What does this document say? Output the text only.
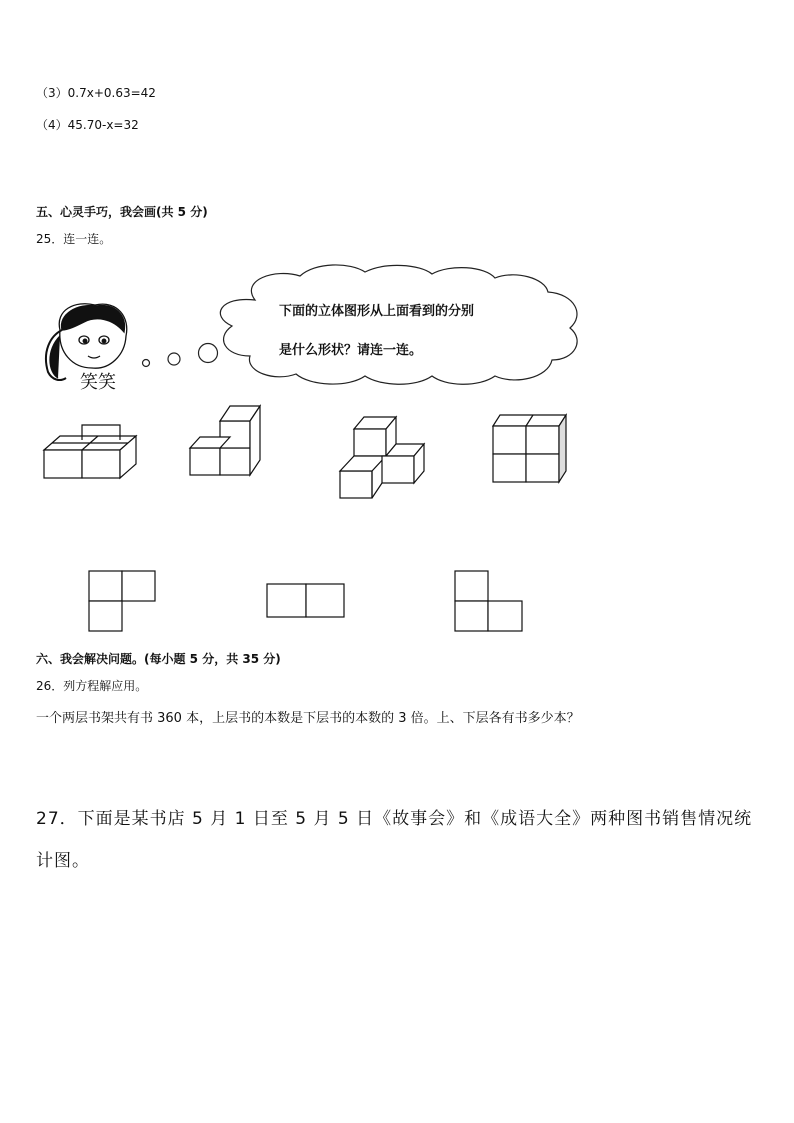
（3）0.7x+0.63=42
（4）45.70-x=32
五、心灵手巧，我会画(共 5 分)
25．连一连。
下面的立体图形从上面看到的分别
是什么形状？请连一连。
笑笑
六、我会解决问题。(每小题 5 分，共 35 分)
26．列方程解应用。
一个两层书架共有书 360 本，上层书的本数是下层书的本数的 3 倍。上、下层各有书多少本？
27．下面是某书店 5 月 1 日至 5 月 5 日《故事会》和《成语大全》两种图书销售情况统
计图。
